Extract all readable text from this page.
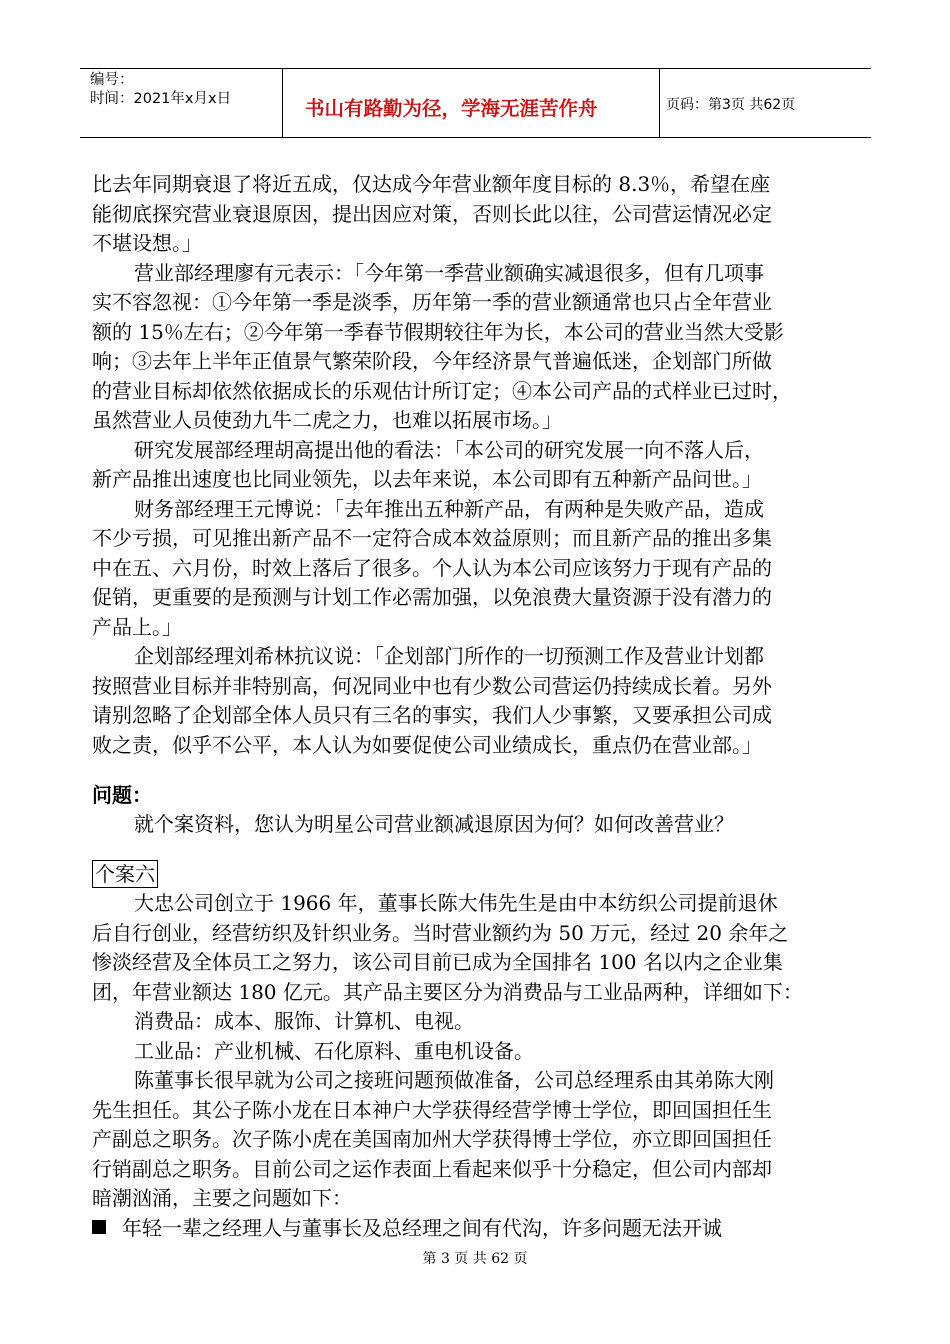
编号：
时间：2021年x月x日	书山有路勤为径，学海无涯苦作舟	页码：第3页 共62页

比去年同期衰退了将近五成，仅达成今年营业额年度目标的 8.3％，希望在座

能彻底探究营业衰退原因，提出因应对策，否则长此以往，公司营运情况必定

不堪设想。」

营业部经理廖有元表示：「今年第一季营业额确实减退很多，但有几项事

实不容忽视：①今年第一季是淡季，历年第一季的营业额通常也只占全年营业

额的 15％左右；②今年第一季春节假期较往年为长，本公司的营业当然大受影

响；③去年上半年正值景气繁荣阶段，今年经济景气普遍低迷，企划部门所做

的营业目标却依然依据成长的乐观估计所订定；④本公司产品的式样业已过时，

虽然营业人员使劲九牛二虎之力，也难以拓展市场。」

研究发展部经理胡高提出他的看法：「本公司的研究发展一向不落人后，

新产品推出速度也比同业领先，以去年来说，本公司即有五种新产品问世。」

财务部经理王元博说：「去年推出五种新产品，有两种是失败产品，造成

不少亏损，可见推出新产品不一定符合成本效益原则；而且新产品的推出多集

中在五、六月份，时效上落后了很多。个人认为本公司应该努力于现有产品的

促销，更重要的是预测与计划工作必需加强，以免浪费大量资源于没有潜力的

产品上。」

企划部经理刘希林抗议说：「企划部门所作的一切预测工作及营业计划都

按照营业目标并非特别高，何况同业中也有少数公司营运仍持续成长着。另外

请别忽略了企划部全体人员只有三名的事实，我们人少事繁，又要承担公司成

败之责，似乎不公平，本人认为如要促使公司业绩成长，重点仍在营业部。」

问题：

就个案资料，您认为明星公司营业额减退原因为何？如何改善营业？

个案六

大忠公司创立于 1966 年，董事长陈大伟先生是由中本纺织公司提前退休

后自行创业，经营纺织及针织业务。当时营业额约为 50 万元，经过 20 余年之

惨淡经营及全体员工之努力，该公司目前已成为全国排名 100 名以内之企业集

团，年营业额达 180 亿元。其产品主要区分为消费品与工业品两种，详细如下：

消费品：成本、服饰、计算机、电视。

工业品：产业机械、石化原料、重电机设备。

陈董事长很早就为公司之接班问题预做准备，公司总经理系由其弟陈大刚

先生担任。其公子陈小龙在日本神户大学获得经营学博士学位，即回国担任生

产副总之职务。次子陈小虎在美国南加州大学获得博士学位，亦立即回国担任

行销副总之职务。目前公司之运作表面上看起来似乎十分稳定，但公司内部却

暗潮汹涌，主要之问题如下：

年轻一辈之经理人与董事长及总经理之间有代沟，许多问题无法开诚

第 3 页 共 62 页
